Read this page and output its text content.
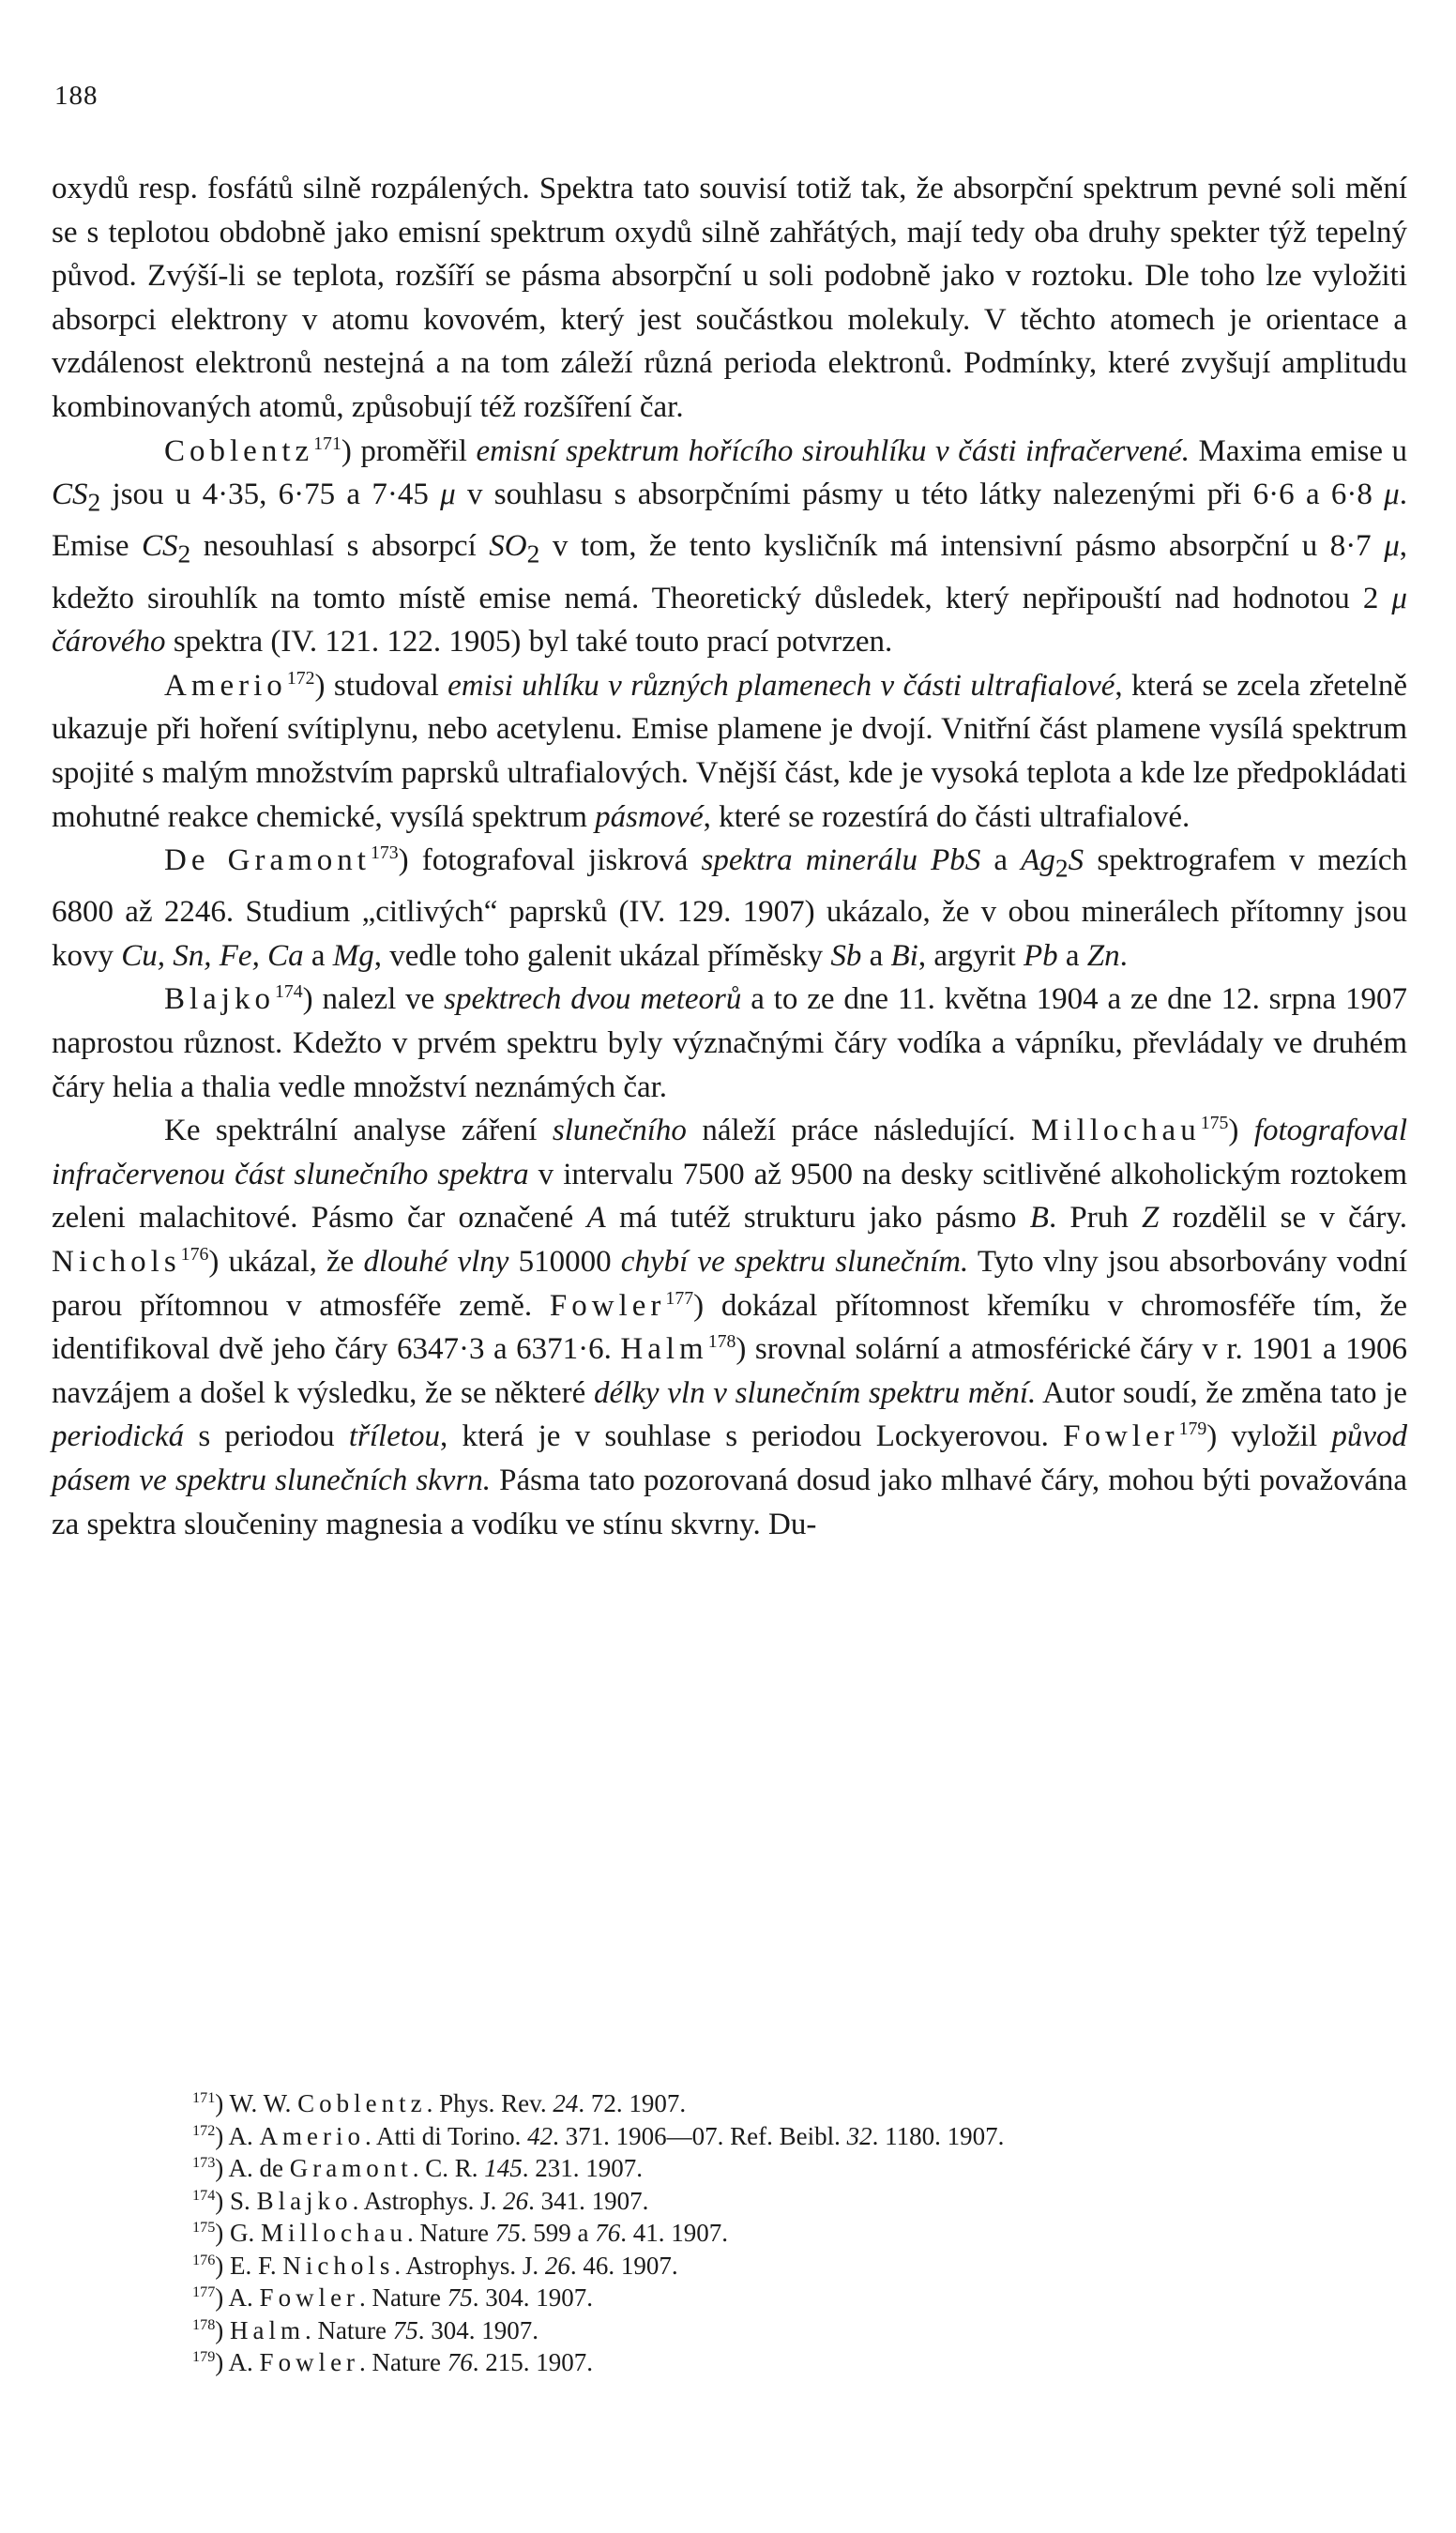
188

oxydů resp. fosfátů silně rozpálených. Spektra tato souvisí totiž tak, že absorpční spektrum pevné soli mění se s teplotou obdobně jako emisní spektrum oxydů silně zahřátých, mají tedy oba druhy spekter týž tepelný původ. Zvýší-li se teplota, rozšíří se pásma absorpční u soli podobně jako v roztoku. Dle toho lze vyložiti absorpci elektrony v atomu kovovém, který jest součástkou molekuly. V těchto atomech je orientace a vzdálenost elektronů nestejná a na tom záleží různá perioda elektronů. Podmínky, které zvyšují amplitudu kombinovaných atomů, způsobují též rozšíření čar.

Coblentz$^{171}$) proměřil emisní spektrum hořícího sirouhlíku v části infračervené. Maxima emise u $CS_2$ jsou u 4·35, 6·75 a 7·45 μ v souhlasu s absorpčními pásmy u této látky nalezenými při 6·6 a 6·8 μ. Emise $CS_2$ nesouhlasí s absorpcí $SO_2$ v tom, že tento kysličník má intensivní pásmo absorpční u 8·7 μ, kdežto sirouhlík na tomto místě emise nemá. Theoretický důsledek, který nepřipouští nad hodnotou 2 μ čárového spektra (IV. 121. 122. 1905) byl také touto prací potvrzen.

Amerio$^{172}$) studoval emisi uhlíku v různých plamenech v části ultrafialové, která se zcela zřetelně ukazuje při hoření svítiplynu, nebo acetylenu. Emise plamene je dvojí. Vnitřní část plamene vysílá spektrum spojité s malým množstvím paprsků ultrafialových. Vnější část, kde je vysoká teplota a kde lze předpokládati mohutné reakce chemické, vysílá spektrum pásmové, které se rozestírá do části ultrafialové.

De Gramont$^{173}$) fotografoval jiskrová spektra minerálu PbS a $Ag_2S$ spektrografem v mezích 6800 až 2246. Studium „citlivých“ paprsků (IV. 129. 1907) ukázalo, že v obou minerálech přítomny jsou kovy Cu, Sn, Fe, Ca a Mg, vedle toho galenit ukázal příměsky Sb a Bi, argyrit Pb a Zn.

Blajko$^{174}$) nalezl ve spektrech dvou meteorů a to ze dne 11. května 1904 a ze dne 12. srpna 1907 naprostou různost. Kdežto v prvém spektru byly význačnými čáry vodíka a vápníku, převládaly ve druhém čáry helia a thalia vedle množství neznámých čar.

Ke spektrální analyse záření slunečního náleží práce následující. Millochau$^{175}$) fotografoval infračervenou část slunečního spektra v intervalu 7500 až 9500 na desky scitlivěné alkoholickým roztokem zeleni malachitové. Pásmo čar označené A má tutéž strukturu jako pásmo B. Pruh Z rozdělil se v čáry. Nichols$^{176}$) ukázal, že dlouhé vlny 510000 chybí ve spektru slunečním. Tyto vlny jsou absorbovány vodní parou přítomnou v atmosféře země. Fowler$^{177}$) dokázal přítomnost křemíku v chromosféře tím, že identifikoval dvě jeho čáry 6347·3 a 6371·6. Halm$^{178}$) srovnal solární a atmosférické čáry v r. 1901 a 1906 navzájem a došel k výsledku, že se některé délky vln v slunečním spektru mění. Autor soudí, že změna tato je periodická s periodou tříletou, která je v souhlase s periodou Lockyerovou. Fowler$^{179}$) vyložil původ pásem ve spektru slunečních skvrn. Pásma tato pozorovaná dosud jako mlhavé čáry, mohou býti považována za spektra sloučeniny magnesia a vodíku ve stínu skvrny. Du-

$^{171}$) W. W. Coblentz. Phys. Rev. 24. 72. 1907.

$^{172}$) A. Amerio. Atti di Torino. 42. 371. 1906—07. Ref. Beibl. 32. 1180. 1907.

$^{173}$) A. de Gramont. C. R. 145. 231. 1907.

$^{174}$) S. Blajko. Astrophys. J. 26. 341. 1907.

$^{175}$) G. Millochau. Nature 75. 599 a 76. 41. 1907.

$^{176}$) E. F. Nichols. Astrophys. J. 26. 46. 1907.

$^{177}$) A. Fowler. Nature 75. 304. 1907.

$^{178}$) Halm. Nature 75. 304. 1907.

$^{179}$) A. Fowler. Nature 76. 215. 1907.
